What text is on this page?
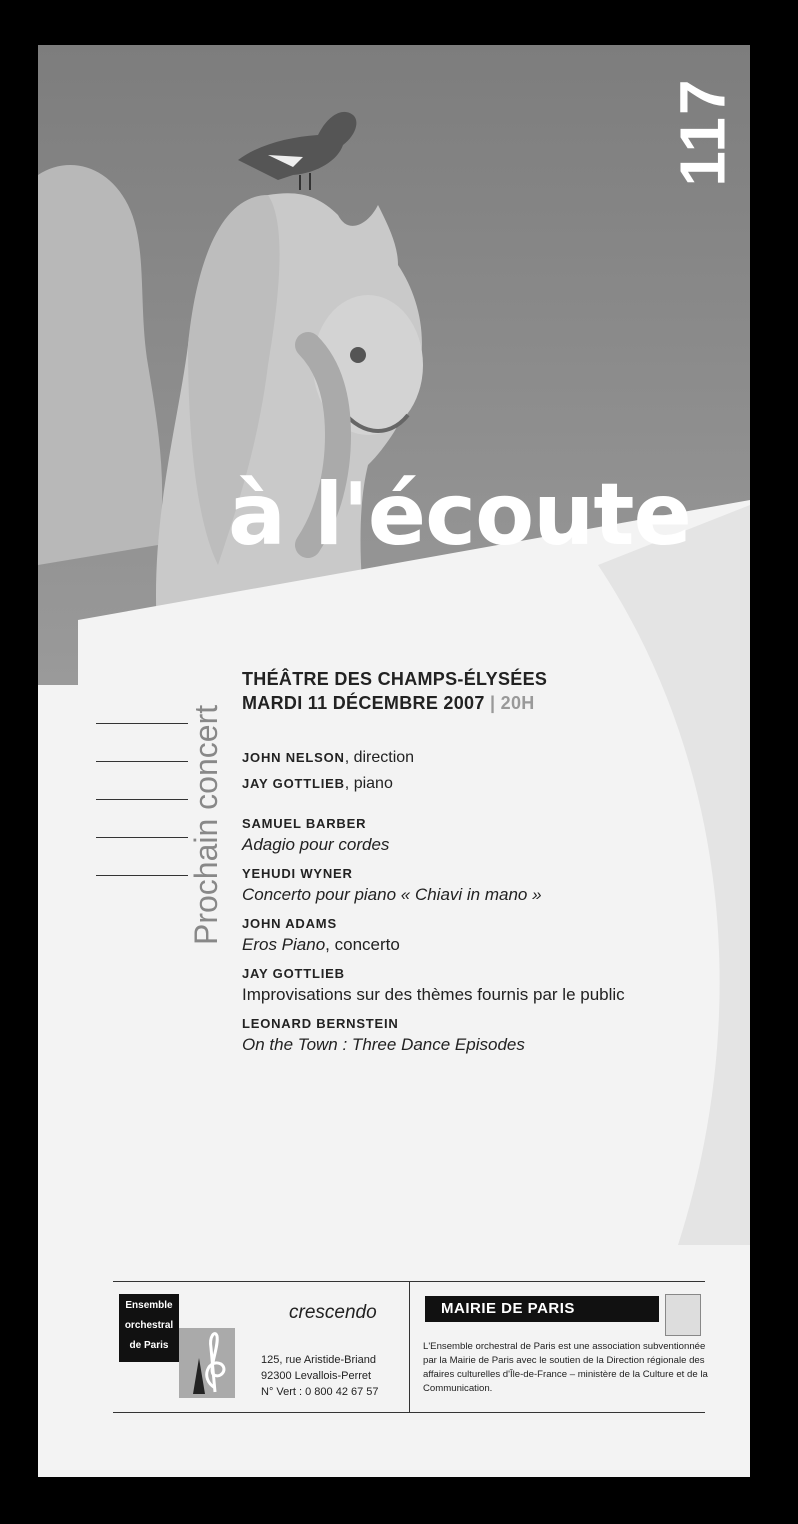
117
à l'écoute
Prochain concert
THÉÂTRE DES CHAMPS-ÉLYSÉES
MARDI 11 DÉCEMBRE 2007 | 20H
JOHN NELSON, direction
JAY GOTTLIEB, piano
SAMUEL BARBER
Adagio pour cordes
YEHUDI WYNER
Concerto pour piano « Chiavi in mano »
JOHN ADAMS
Eros Piano, concerto
JAY GOTTLIEB
Improvisations sur des thèmes fournis par le public
LEONARD BERNSTEIN
On the Town : Three Dance Episodes
Ensemble
orchestral
de Paris
crescendo
125, rue Aristide-Briand
92300 Levallois-Perret
N° Vert : 0 800 42 67 57
MAIRIE DE PARIS
L'Ensemble orchestral de Paris est une association subventionnée par la Mairie de Paris avec le soutien de la Direction régionale des affaires culturelles d'Île-de-France – ministère de la Culture et de la Communication.
